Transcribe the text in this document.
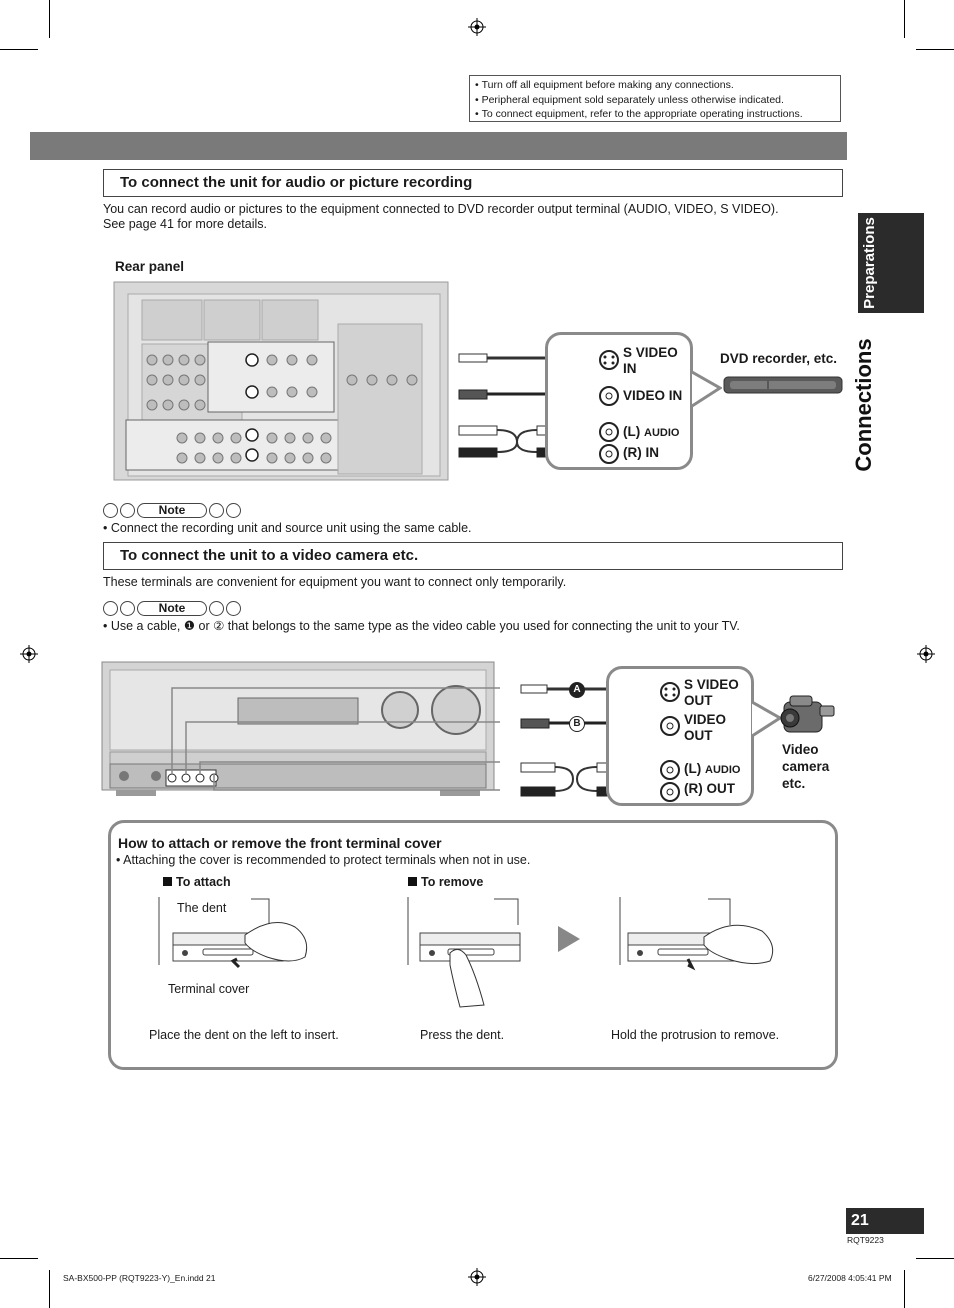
• Turn off all equipment before making any connections.
• Peripheral equipment sold separately unless otherwise indicated.
• To connect equipment, refer to the appropriate operating instructions.
Preparations
Connections
To connect the unit for audio or picture recording
You can record audio or pictures to the equipment connected to DVD recorder output terminal (AUDIO, VIDEO, S VIDEO).
See page 41 for more details.
Rear panel
S VIDEO IN
VIDEO IN
(L) AUDIO
(R) IN
DVD recorder, etc.
Note
• Connect the recording unit and source unit using the same cable.
To connect the unit to a video camera etc.
These terminals are convenient for equipment you want to connect only temporarily.
Note
• Use a cable, ❶ or ② that belongs to the same type as the video cable you used for connecting the unit to your TV.
A
B
S VIDEO OUT
VIDEO OUT
(L) AUDIO
(R) OUT
Video camera etc.
How to attach or remove the front terminal cover
• Attaching the cover is recommended to protect terminals when not in use.
To attach	To remove
The dent
Terminal cover
Place the dent on the left to insert.	Press the dent.	Hold the protrusion to remove.
21
RQT9223
SA-BX500-PP (RQT9223-Y)_En.indd 21	6/27/2008 4:05:41 PM
